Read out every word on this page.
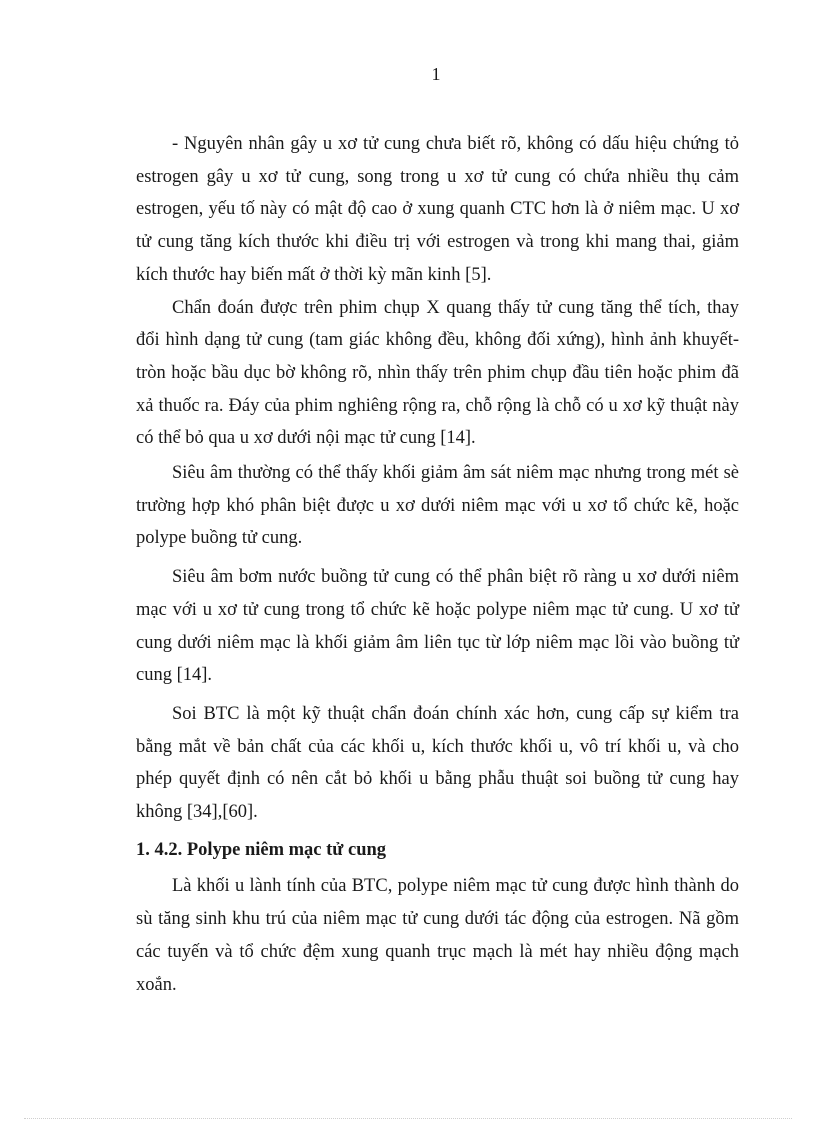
1

- Nguyên nhân gây u xơ tử cung chưa biết rõ, không có dấu hiệu chứng tỏ estrogen gây u xơ tử cung, song trong u xơ tử cung có chứa nhiều thụ cảm estrogen, yếu tố này có mật độ cao ở xung quanh CTC hơn là ở niêm mạc. U xơ tử cung tăng kích thước khi điều trị với estrogen và trong khi mang thai, giảm kích thước hay biến mất ở thời kỳ mãn kinh [5].

Chẩn đoán được trên phim chụp X quang thấy tử cung tăng thể tích, thay đổi hình dạng tử cung (tam giác không đều, không đối xứng), hình ảnh khuyết- tròn hoặc bầu dục bờ không rõ, nhìn thấy trên phim chụp đầu tiên hoặc phim đã xả thuốc ra. Đáy của phim nghiêng rộng ra, chỗ rộng là chỗ có u xơ kỹ thuật này có thể bỏ qua u xơ dưới nội mạc tử cung [14].

Siêu âm thường có thể thấy khối giảm âm sát niêm mạc nhưng trong mét sè trường hợp khó phân biệt được u xơ dưới niêm mạc với u xơ tổ chức kẽ, hoặc polype buồng tử cung.

Siêu âm bơm nước buồng tử cung có thể phân biệt rõ ràng u xơ dưới niêm mạc với u xơ tử cung trong tổ chức kẽ hoặc polype niêm mạc tử cung. U xơ tử cung dưới niêm mạc là khối giảm âm liên tục từ lớp niêm mạc lồi vào buồng tử cung [14].

Soi BTC là một kỹ thuật chẩn đoán chính xác hơn, cung cấp sự kiểm tra bằng mắt về bản chất của các khối u, kích thước khối u, vô trí khối u, và cho phép quyết định có nên cắt bỏ khối u bằng phẫu thuật soi buồng tử cung hay không [34],[60].

1. 4.2. Polype niêm mạc tử cung

Là khối u lành tính của BTC, polype niêm mạc tử cung được hình thành do sù tăng sinh khu trú của niêm mạc tử cung dưới tác động của estrogen. Nã gồm các tuyến và tổ chức đệm xung quanh trục mạch là mét hay nhiều động mạch xoắn.
